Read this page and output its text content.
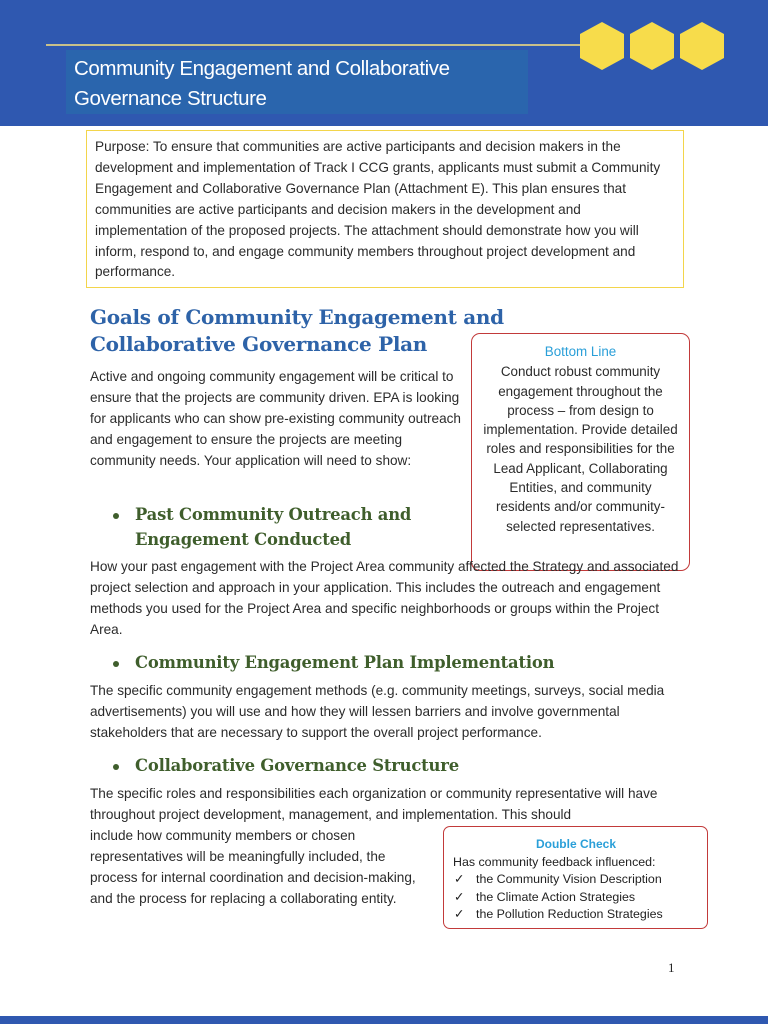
Community Engagement and Collaborative
Governance Structure
Purpose: To ensure that communities are active participants and decision makers in the development and implementation of Track I CCG grants, applicants must submit a Community Engagement and Collaborative Governance Plan (Attachment E). This plan ensures that communities are active participants and decision makers in the development and implementation of the proposed projects. The attachment should demonstrate how you will inform, respond to, and engage community members throughout project development and performance.
Goals of Community Engagement and Collaborative Governance Plan	Bottom Line
Conduct robust community engagement throughout the process – from design to implementation. Provide detailed roles and responsibilities for the Lead Applicant, Collaborating Entities, and community residents and/or community-selected representatives.

Active and ongoing community engagement will be critical to ensure that the projects are community driven. EPA is looking for applicants who can show pre-existing community outreach and engagement to ensure the projects are meeting community needs. Your application will need to show:

Past Community Outreach and Engagement Conducted

How your past engagement with the Project Area community affected the Strategy and associated project selection and approach in your application. This includes the outreach and engagement methods you used for the Project Area and specific neighborhoods or groups within the Project Area.

Community Engagement Plan Implementation

The specific community engagement methods (e.g. community meetings, surveys, social media advertisements) you will use and how they will lessen barriers and involve governmental stakeholders that are necessary to support the overall project performance.

Collaborative Governance Structure

The specific roles and responsibilities each organization or community representative will have throughout project development, management, and implementation. This should

include how community members or chosen representatives will be meaningfully included, the process for internal coordination and decision-making, and the process for replacing a collaborating entity.

Double Check
Has community feedback influenced:
✓ the Community Vision Description
✓ the Climate Action Strategies
✓ the Pollution Reduction Strategies
1
